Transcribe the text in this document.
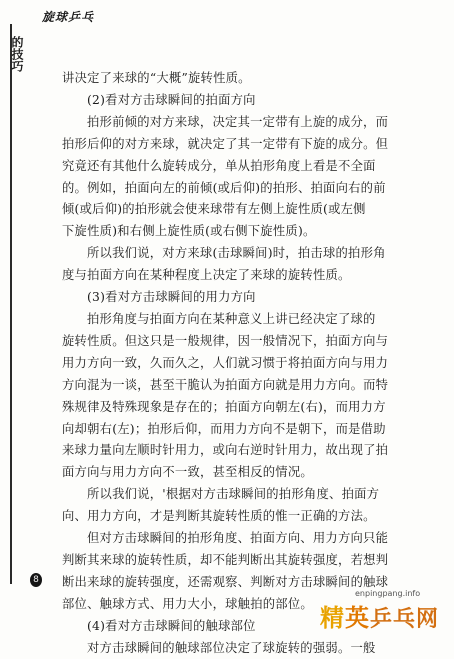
旋球乒乓
的技巧
讲决定了来球的“大概”旋转性质。
(2)看对方击球瞬间的拍面方向
拍形前倾的对方来球，决定其一定带有上旋的成分，而
拍形后仰的对方来球，就决定了其一定带有下旋的成分。但
究竟还有其他什么旋转成分，单从拍形角度上看是不全面
的。例如，拍面向左的前倾(或后仰)的拍形、拍面向右的前
倾(或后仰)的拍形就会使来球带有左侧上旋性质(或左侧
下旋性质)和右侧上旋性质(或右侧下旋性质)。
所以我们说，对方来球(击球瞬间)时，拍击球的拍形角
度与拍面方向在某种程度上决定了来球的旋转性质。
(3)看对方击球瞬间的用力方向
拍形角度与拍面方向在某种意义上讲已经决定了球的
旋转性质。但这只是一般规律，因一般情况下，拍面方向与
用力方向一致，久而久之，人们就习惯于将拍面方向与用力
方向混为一谈，甚至干脆认为拍面方向就是用力方向。而特
殊规律及特殊现象是存在的；拍面方向朝左(右)，而用力方
向却朝右(左)；拍形后仰，而用力方向不是朝下，而是借助
来球力量向左顺时针用力，或向右逆时针用力，故出现了拍
面方向与用力方向不一致，甚至相反的情况。
所以我们说，'根据对方击球瞬间的拍形角度、拍面方
向、用力方向，才是判断其旋转性质的惟一正确的方法。
但对方击球瞬间的拍形角度、拍面方向、用力方向只能
判断其来球的旋转性质，却不能判断出其旋转强度，若想判
断出来球的旋转强度，还需观察、判断对方击球瞬间的触球
部位、触球方式、用力大小，球触拍的部位。
(4)看对方击球瞬间的触球部位
对方击球瞬间的触球部位决定了球旋转的强弱。一般
8
enpingpang.info
精英乒乓网
